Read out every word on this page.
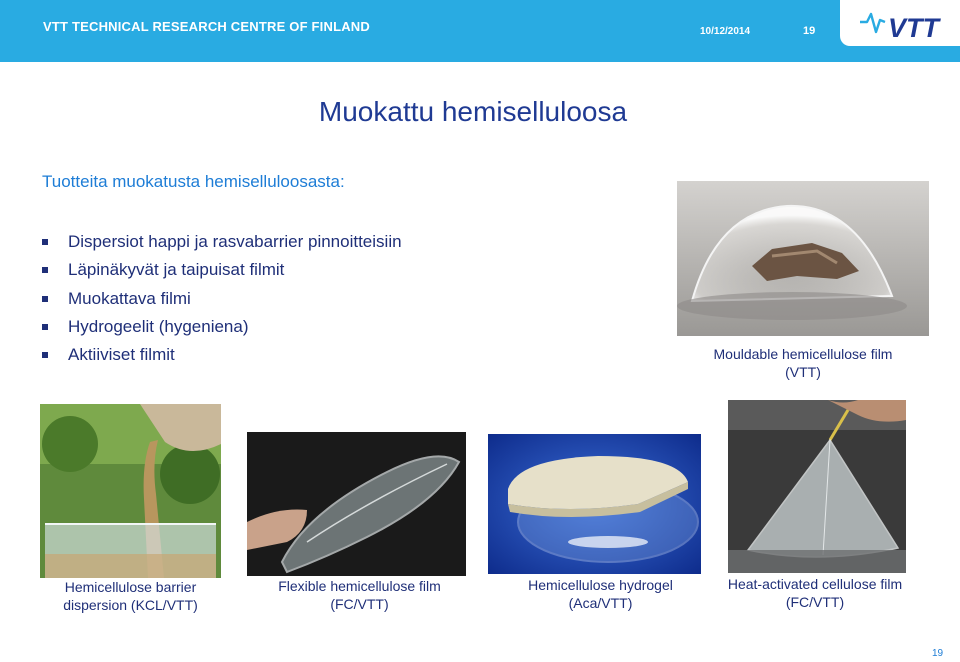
VTT TECHNICAL RESEARCH CENTRE OF FINLAND	10/12/2014	19	VTT
Muokattu hemiselluloosa
Tuotteita muokatusta hemiselluloosasta:
Dispersiot happi ja rasvabarrier pinnoitteisiin
Läpinäkyvät ja taipuisat filmit
Muokattava filmi
Hydrogeelit (hygeniena)
Aktiiviset filmit	Mouldable hemicellulose film
(VTT)
Hemicellulose barrier
dispersion (KCL/VTT)
Flexible hemicellulose film
(FC/VTT)
Hemicellulose hydrogel
(Aca/VTT)
Heat-activated cellulose film
(FC/VTT)
19
